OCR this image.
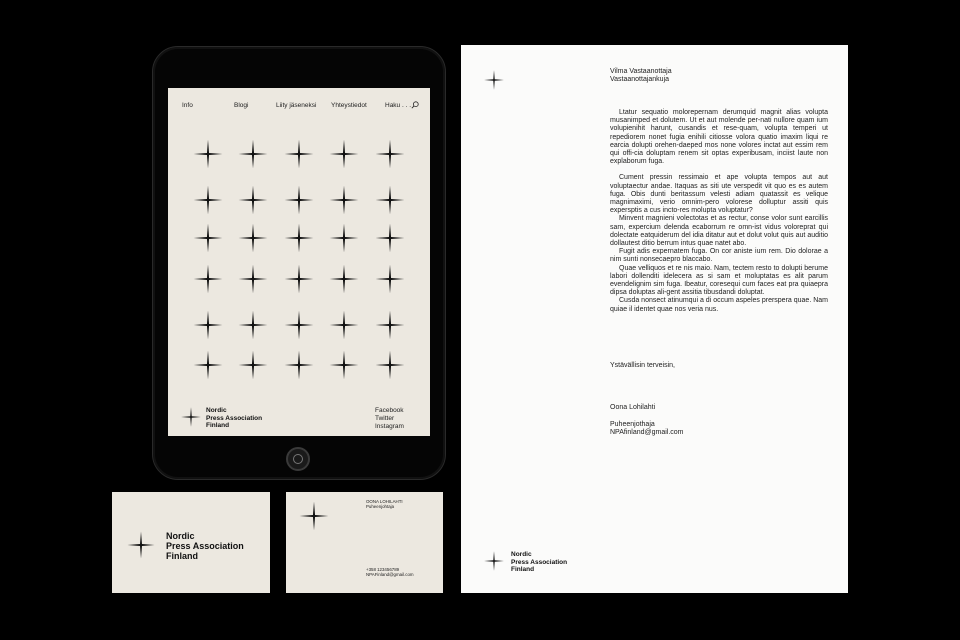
Info	Blogi	Liity jäseneksi Yhteystiedot	Haku . . .
Nordic
Press Association
Finland
Facebook
Twitter
Instagram
Nordic
Press Association
Finland
OONA LOHILAHTI
Puheenjohtaja
+358 123456789
NPAFinland@gmail.com
Vilma Vastaanottaja
Vastaanottajankuja

Ltatur sequatio molorepernam derumquid magnit alias volupta musanimped et dolutem. Ut et aut molende per-nati nullore quam ium volupienihit harunt, cusandis et rese-quam, volupta temperi ut repediorem nonet fugia enihili citiosse volora quatio imaxim liqui re earcia dolupti orehen-daeped mos none volores inctat aut essim rem qui offi-cia doluptam renem sit optas experibusam, inciist laute non explaborum fuga.

Cument pressin ressimaio et ape volupta tempos aut aut voluptaectur andae. Itaquas as siti ute verspedit vit quo es es autem fuga. Obis dunti beritassum velesti adiam quatassit es velique magnimaximi, verio omnim-pero volorese dolluptur assiti quis expersptis a cus incto-res molupta voluptatur?

Minvent magnieni volectotas et as rectur, conse volor sunt earcillis sam, expercium delenda ecaborrum re omn-ist vidus voloreprat qui dolectate eatquiderum del idia ditatur aut et dolut volut quis aut auditio dollautest ditio berrum intus quae natet abo.

Fugit adis expernatem fuga. On cor aniste ium rem. Dio dolorae a nim sunti nonsecaepro blaccabo.

Quae velliquos et re nis maio. Nam, tectem resto to dolupti berume labori dollenditi idelecera as si sam et moluptatas es alit parum evendelignim sim fuga. Ibeatur, coresequi cum faces eat pra quiaepra dipsa doluptas ali-gent assitia tibusdandi doluptat.

Cusda nonsect atinumqui a di occum aspeles prerspera quae. Nam quiae il identet quae nos veria nus.

Ystävällisin terveisin,
Oona Lohilahti
Puheenjothaja
NPAfinland@gmail.com
Nordic
Press Association
Finland
